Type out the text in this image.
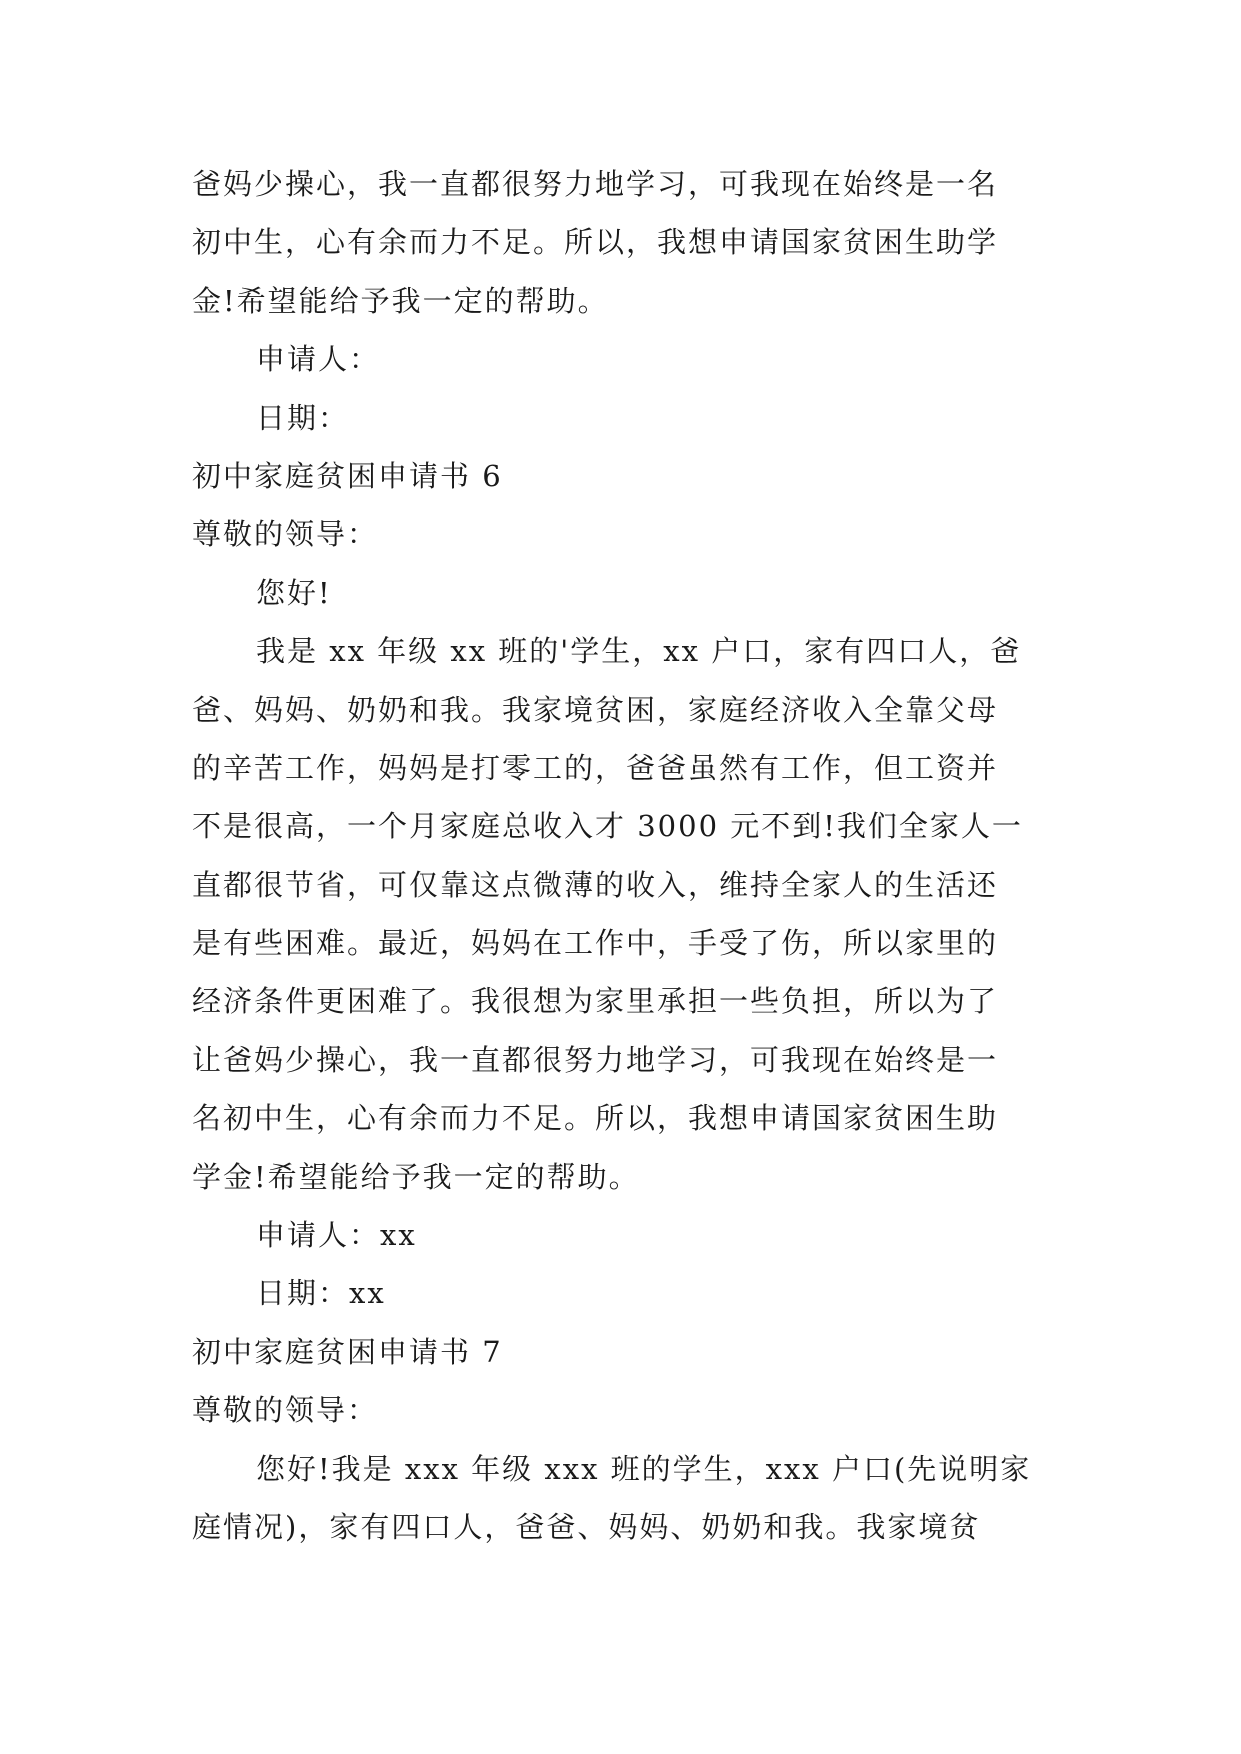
爸妈少操心，我一直都很努力地学习，可我现在始终是一名
初中生，心有余而力不足。所以，我想申请国家贫困生助学
金!希望能给予我一定的帮助。
申请人：
日期：
初中家庭贫困申请书 6
尊敬的领导：
您好!
我是 xx 年级 xx 班的'学生，xx 户口，家有四口人，爸
爸、妈妈、奶奶和我。我家境贫困，家庭经济收入全靠父母
的辛苦工作，妈妈是打零工的，爸爸虽然有工作，但工资并
不是很高，一个月家庭总收入才 3000 元不到!我们全家人一
直都很节省，可仅靠这点微薄的收入，维持全家人的生活还
是有些困难。最近，妈妈在工作中，手受了伤，所以家里的
经济条件更困难了。我很想为家里承担一些负担，所以为了
让爸妈少操心，我一直都很努力地学习，可我现在始终是一
名初中生，心有余而力不足。所以，我想申请国家贫困生助
学金!希望能给予我一定的帮助。
申请人：xx
日期：xx
初中家庭贫困申请书 7
尊敬的领导：
您好!我是 xxx 年级 xxx 班的学生，xxx 户口(先说明家
庭情况)，家有四口人，爸爸、妈妈、奶奶和我。我家境贫
